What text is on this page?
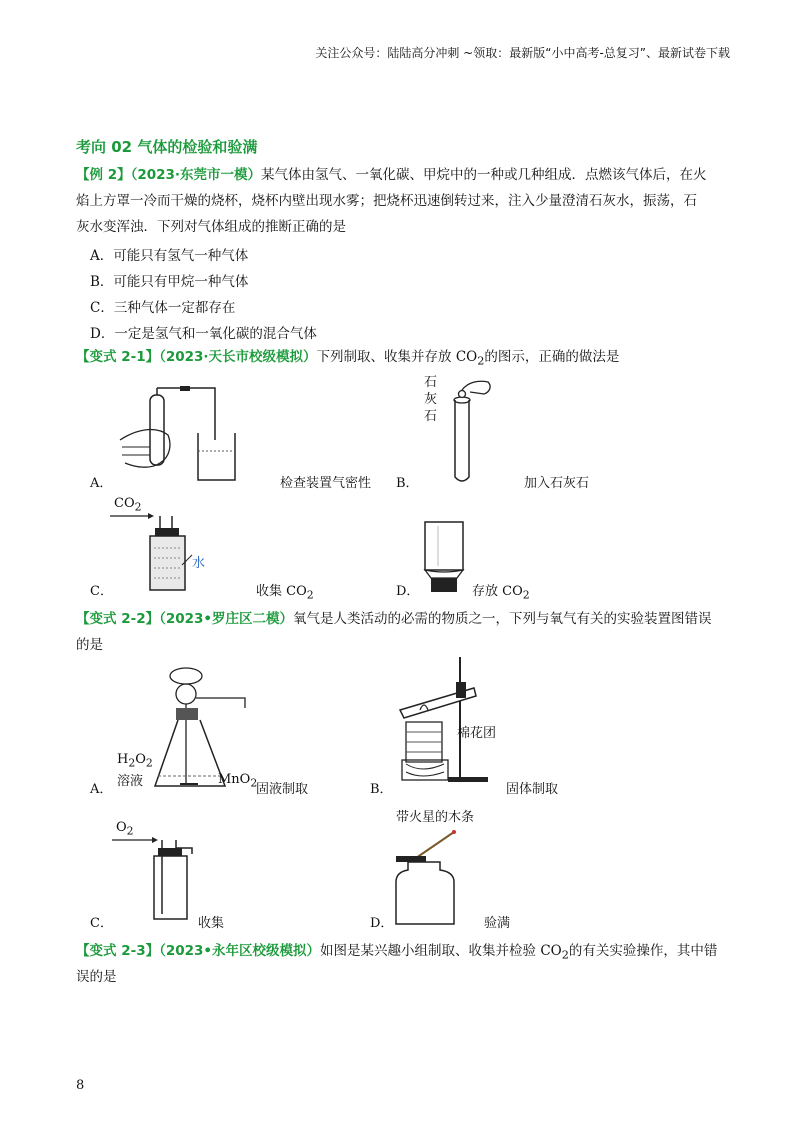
关注公众号：陆陆高分冲刺 ~领取：最新版“小中高考-总复习”、最新试卷下载
考向 02 气体的检验和验满
【例 2】（2023·东莞市一模）某气体由氢气、一氧化碳、甲烷中的一种或几种组成．点燃该气体后，在火
焰上方罩一冷而干燥的烧杯，烧杯内壁出现水雾；把烧杯迅速倒转过来，注入少量澄清石灰水，振荡，石
灰水变浑浊．下列对气体组成的推断正确的是
A．可能只有氢气一种气体
B．可能只有甲烷一种气体
C．三种气体一定都存在
D．一定是氢气和一氧化碳的混合气体
【变式 2-1】（2023·天长市校级模拟）下列制取、收集并存放 $CO_2$的图示，正确的做法是
A．	检查装置气密性
石
灰
石
B．	加入石灰石
$CO_2$
水
C．	收集 $CO_2$	D．	存放 $CO_2$
【变式 2-2】（2023•罗庄区二模）氧气是人类活动的必需的物质之一，下列与氧气有关的实验装置图错误
的是
$H_2O_2$
溶液	MnO$_2$
A．	固液制取
棉花团
B．	固体制取
$O_2$
C．	收集
带火星的木条
D．	验满
【变式 2-3】（2023•永年区校级模拟）如图是某兴趣小组制取、收集并检验 $CO_2$的有关实验操作，其中错
误的是
8
